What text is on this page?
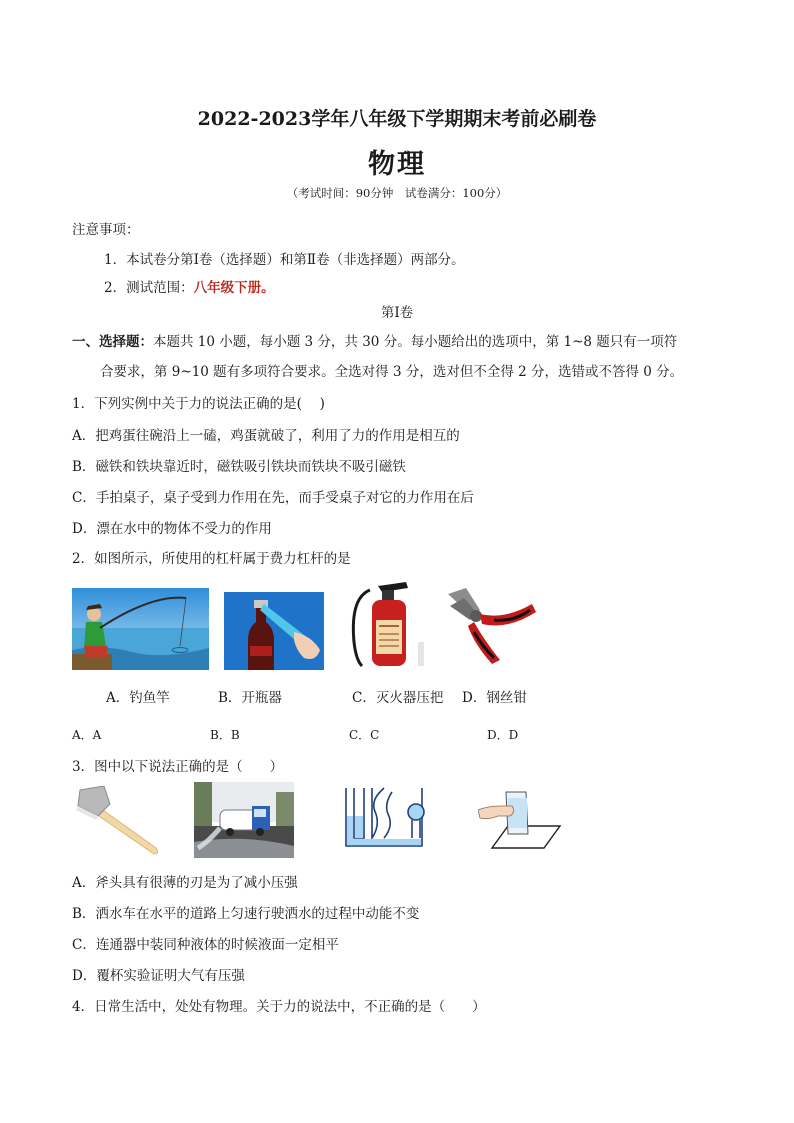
2022-2023学年八年级下学期期末考前必刷卷
物理
（考试时间：90分钟　试卷满分：100分）
注意事项：
1．本试卷分第Ⅰ卷（选择题）和第Ⅱ卷（非选择题）两部分。
2．测试范围：八年级下册。
第Ⅰ卷
一、选择题：本题共 10 小题，每小题 3 分，共 30 分。每小题给出的选项中，第 1~8 题只有一项符
合要求，第 9~10 题有多项符合要求。全选对得 3 分，选对但不全得 2 分，选错或不答得 0 分。
1．下列实例中关于力的说法正确的是(　 )
A．把鸡蛋往碗沿上一磕，鸡蛋就破了，利用了力的作用是相互的
B．磁铁和铁块靠近时，磁铁吸引铁块而铁块不吸引磁铁
C．手拍桌子，桌子受到力作用在先，而手受桌子对它的力作用在后
D．漂在水中的物体不受力的作用
2．如图所示，所使用的杠杆属于费力杠杆的是
A．钓鱼竿	B．开瓶器	C．灭火器压把 D．钢丝钳
A．A	B．B	C．C	D．D
3．图中以下说法正确的是（　　）
A．斧头具有很薄的刃是为了减小压强
B．洒水车在水平的道路上匀速行驶洒水的过程中动能不变
C．连通器中装同种液体的时候液面一定相平
D．覆杯实验证明大气有压强
4．日常生活中，处处有物理。关于力的说法中，不正确的是（　　）
